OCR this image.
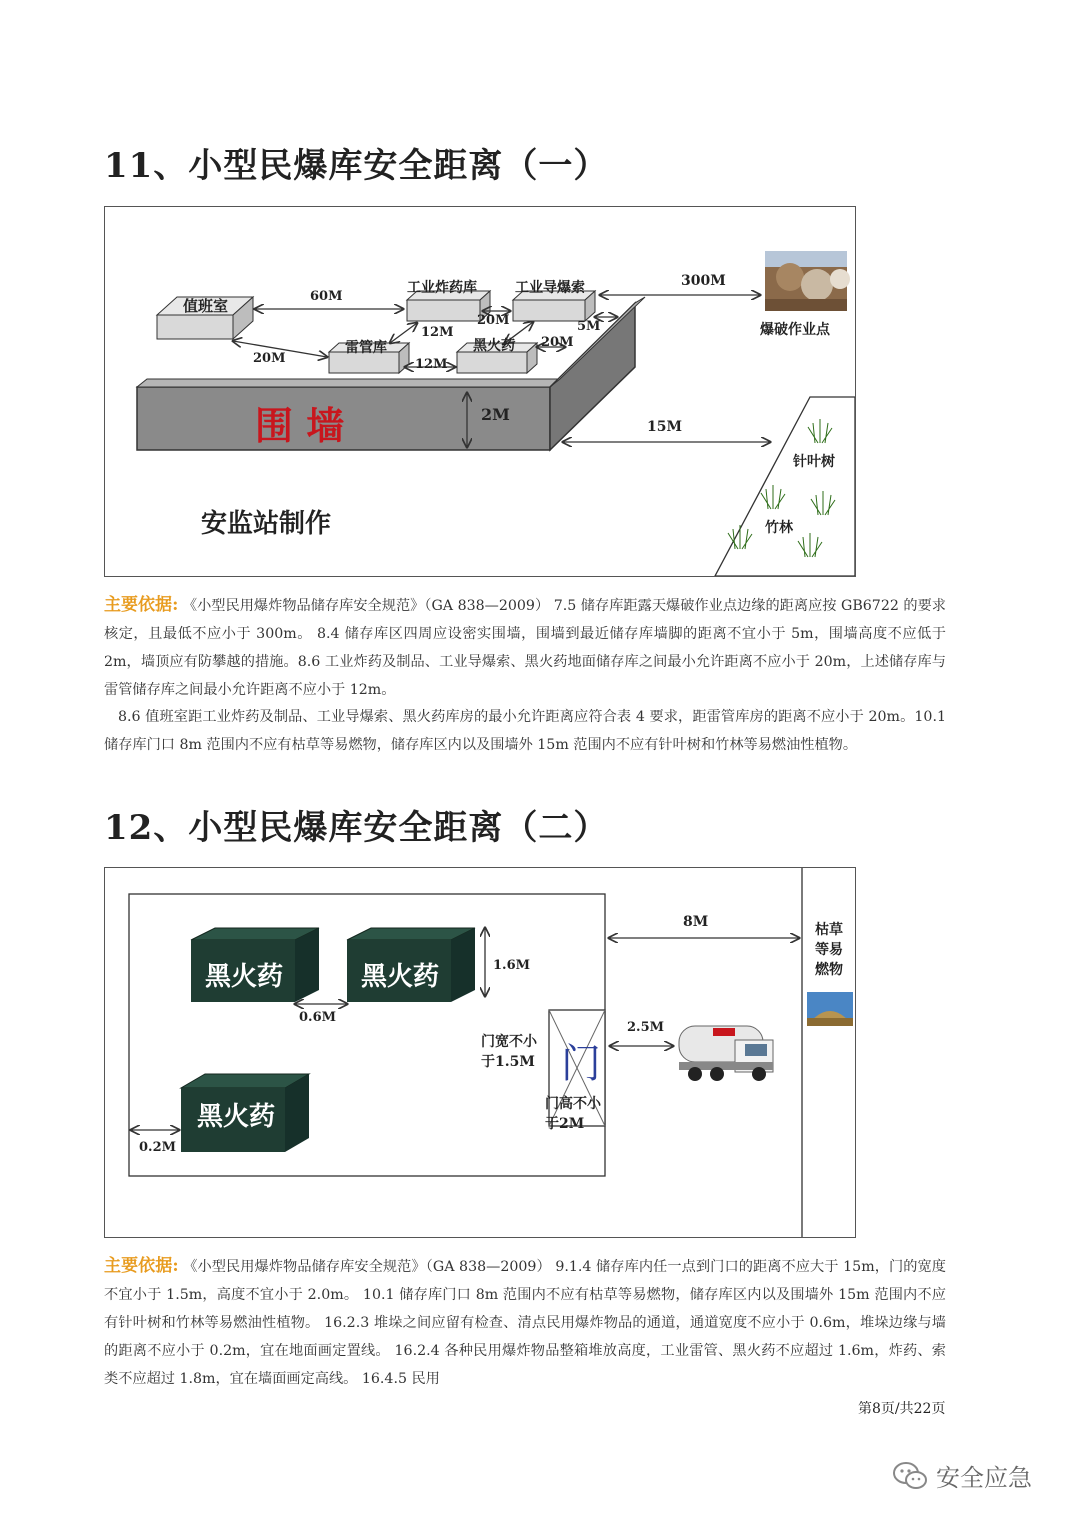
11、小型民爆库安全距离（一）
值班室
工业炸药库	工业导爆索
雷管库	黑火药
围 墙	2M
爆破作业点
针叶树
竹林
安监站制作
60M
20M
12M
12M
20M	5M
20M
300M
15M
主要依据: 《小型民用爆炸物品储存库安全规范》（GA 838—2009） 7.5 储存库距露天爆破作业点边缘的距离应按 GB6722 的要求核定，且最低不应小于 300m。 8.4 储存库区四周应设密实围墙，围墙到最近储存库墙脚的距离不宜小于 5m，围墙高度不应低于 2m，墙顶应有防攀越的措施。8.6 工业炸药及制品、工业导爆索、黑火药地面储存库之间最小允许距离不应小于 20m，上述储存库与雷管储存库之间最小允许距离不应小于 12m。
8.6 值班室距工业炸药及制品、工业导爆索、黑火药库房的最小允许距离应符合表 4 要求，距雷管库房的距离不应小于 20m。10.1 储存库门口 8m 范围内不应有枯草等易燃物，储存库区内以及围墙外 15m 范围内不应有针叶树和竹林等易燃油性植物。
12、小型民爆库安全距离（二）
黑火药	黑火药
黑火药
1.6M
0.6M
0.2M
门
门宽不小于1.5M
门高不小于2M
2.5M
8M	枯草等易燃物
主要依据: 《小型民用爆炸物品储存库安全规范》（GA 838—2009） 9.1.4 储存库内任一点到门口的距离不应大于 15m，门的宽度不宜小于 1.5m，高度不宜小于 2.0m。 10.1 储存库门口 8m 范围内不应有枯草等易燃物，储存库区内以及围墙外 15m 范围内不应有针叶树和竹林等易燃油性植物。 16.2.3 堆垛之间应留有检查、清点民用爆炸物品的通道，通道宽度不应小于 0.6m，堆垛边缘与墙的距离不应小于 0.2m，宜在地面画定置线。 16.2.4 各种民用爆炸物品整箱堆放高度，工业雷管、黑火药不应超过 1.6m，炸药、索类不应超过 1.8m，宜在墙面画定高线。 16.4.5 民用
第8页/共22页
安全应急
